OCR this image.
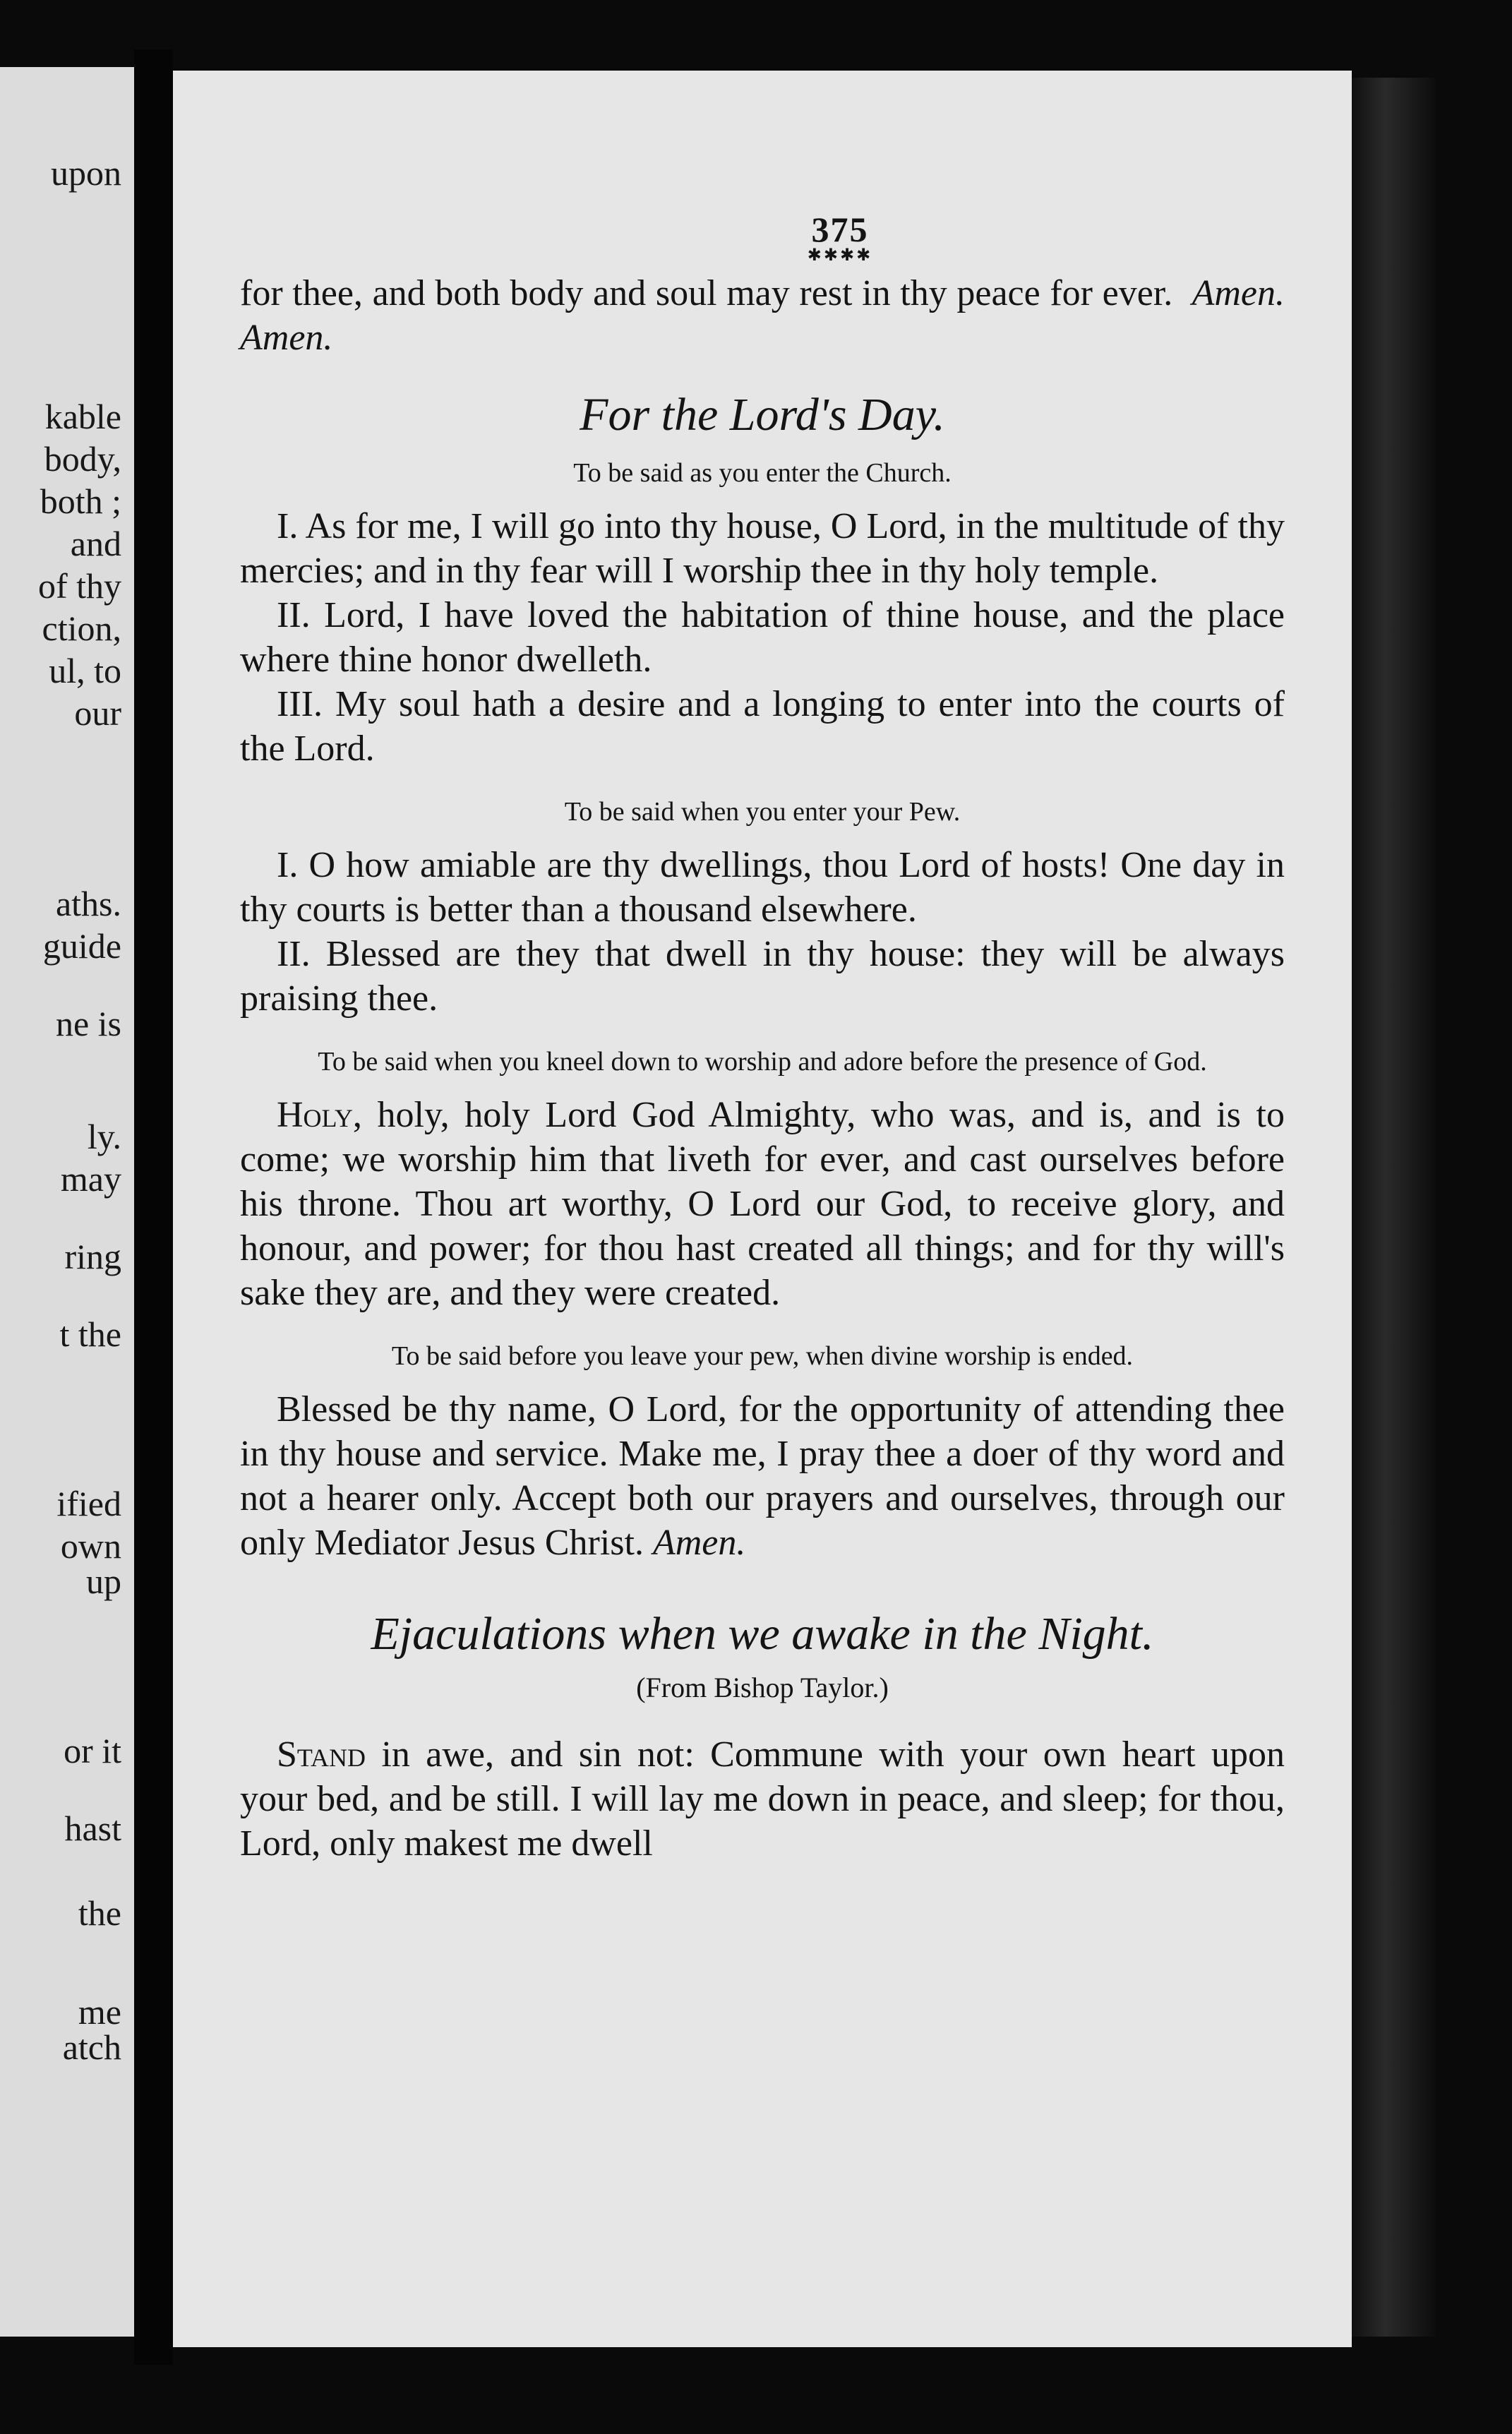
upon
kable
body,
both ;
and
of thy
ction,
ul, to
our
aths.
guide
ne is
ly.
may
ring
t the
ified
own
up
or it
hast
the
me
atch
375
✱✱✱✱

for thee, and both body and soul may rest in thy peace for ever. Amen. Amen.

For the Lord's Day.
To be said as you enter the Church.

I. As for me, I will go into thy house, O Lord, in the multitude of thy mercies; and in thy fear will I worship thee in thy holy temple.

II. Lord, I have loved the habitation of thine house, and the place where thine honor dwelleth.

III. My soul hath a desire and a longing to enter into the courts of the Lord.

To be said when you enter your Pew.

I. O how amiable are thy dwellings, thou Lord of hosts! One day in thy courts is better than a thousand elsewhere.

II. Blessed are they that dwell in thy house: they will be always praising thee.

To be said when you kneel down to worship and adore before the presence of God.

Holy, holy, holy Lord God Almighty, who was, and is, and is to come; we worship him that liveth for ever, and cast ourselves before his throne. Thou art worthy, O Lord our God, to receive glory, and honour, and power; for thou hast created all things; and for thy will's sake they are, and they were created.

To be said before you leave your pew, when divine worship is ended.

Blessed be thy name, O Lord, for the opportunity of attending thee in thy house and service. Make me, I pray thee a doer of thy word and not a hearer only. Accept both our prayers and ourselves, through our only Mediator Jesus Christ. Amen.

Ejaculations when we awake in the Night.
(From Bishop Taylor.)

Stand in awe, and sin not: Commune with your own heart upon your bed, and be still. I will lay me down in peace, and sleep; for thou, Lord, only makest me dwell
